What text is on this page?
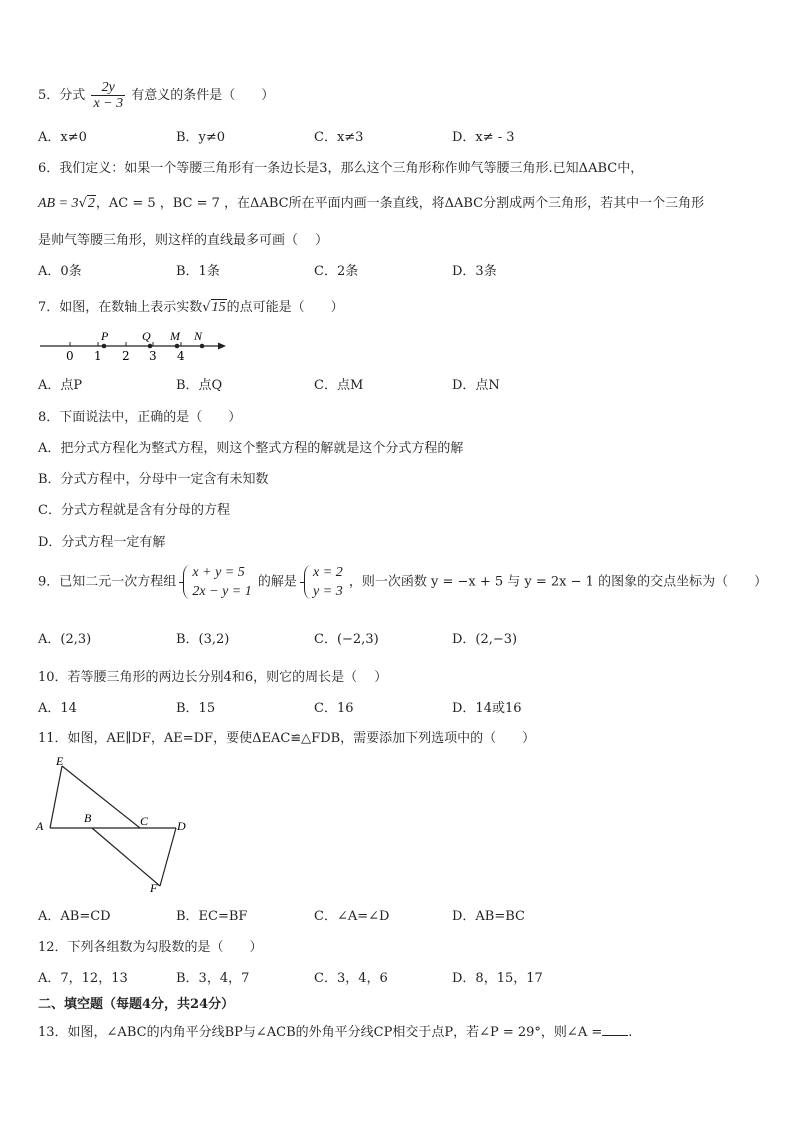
5．分式 $\frac{2y}{x - 3}$ 有意义的条件是（　　）
A．x≠0	B．y≠0	C．x≠3	D．x≠ - 3
6．我们定义：如果一个等腰三角形有一条边长是3，那么这个三角形称作帅气等腰三角形.已知ΔABC中，
AB = 3√2，AC = 5 ，BC = 7 ，在ΔABC所在平面内画一条直线，将ΔABC分割成两个三角形，若其中一个三角形
是帅气等腰三角形，则这样的直线最多可画（　 ）
A．0条	B．1条	C．2条	D．3条
7．如图，在数轴上表示实数√15的点可能是（　　）
0 1 2 3 4
P	Q M N
A．点P	B．点Q	C．点M	D．点N
8．下面说法中，正确的是（　　）
A．把分式方程化为整式方程，则这个整式方程的解就是这个分式方程的解
B．分式方程中，分母中一定含有未知数
C．分式方程就是含有分母的方程
D．分式方程一定有解
9．已知二元一次方程组
x + y = 5
2x − y = 1
的解是
x = 2
y = 3
，则一次函数 y = −x + 5 与 y = 2x − 1 的图象的交点坐标为（　　）
A．(2,3)	B．(3,2)	C．(−2,3)	D．(2,−3)
10．若等腰三角形的两边长分别4和6，则它的周长是（　 ）
A．14	B．15	C．16	D．14或16
11．如图，AE∥DF，AE=DF，要使ΔEAC≌△FDB，需要添加下列选项中的（　　）
E
A
B	C D
F
A．AB=CD	B．EC=BF	C．∠A=∠D	D．AB=BC
12．下列各组数为勾股数的是（　　）
A．7，12，13	B．3，4，7	C．3，4，6	D．8，15，17
二、填空题（每题4分，共24分）
13．如图，∠ABC的内角平分线BP与∠ACB的外角平分线CP相交于点P，若∠P = 29°，则∠A = .
